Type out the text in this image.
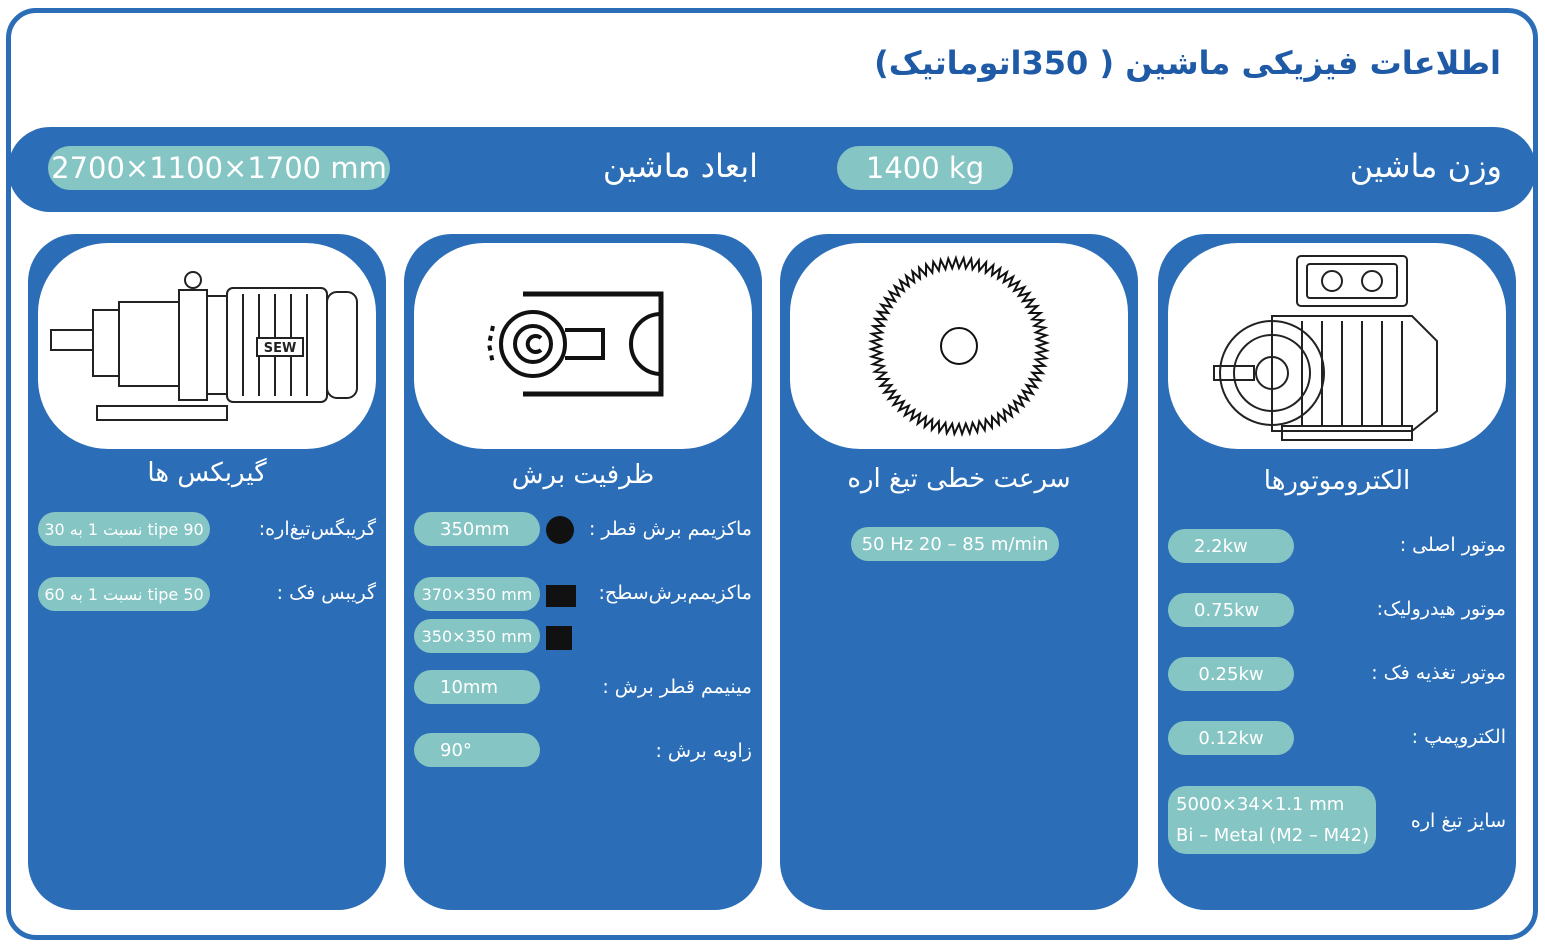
اطلاعات فیزیکی ماشین ( 350اتوماتیک)
وزن ماشین
1400 kg
ابعاد ماشین
2700×1100×1700 mm
الکتروموتورها
موتور اصلی :
2.2kw
موتور هیدرولیک:
0.75kw
موتور تغذیه فک :
0.25kw
الکتروپمپ :
0.12kw
سایز تیغ اره
5000×34×1.1 mm
Bi – Metal (M2 – M42)
سرعت خطی تیغ اره
50 Hz 20 – 85 m/min
ظرفیت برش
ماکزیمم برش قطر :
350mm
ماکزیمم‌برش‌سطح:
370×350 mm
350×350 mm
مینیمم قطر برش :
10mm
زاویه برش :
90°
SEW
گیربکس ها
گریبگس‌تیغ‌اره:
tipe 90 نسبت 1 به 30
گریبس فک :
tipe 50 نسبت 1 به 60
